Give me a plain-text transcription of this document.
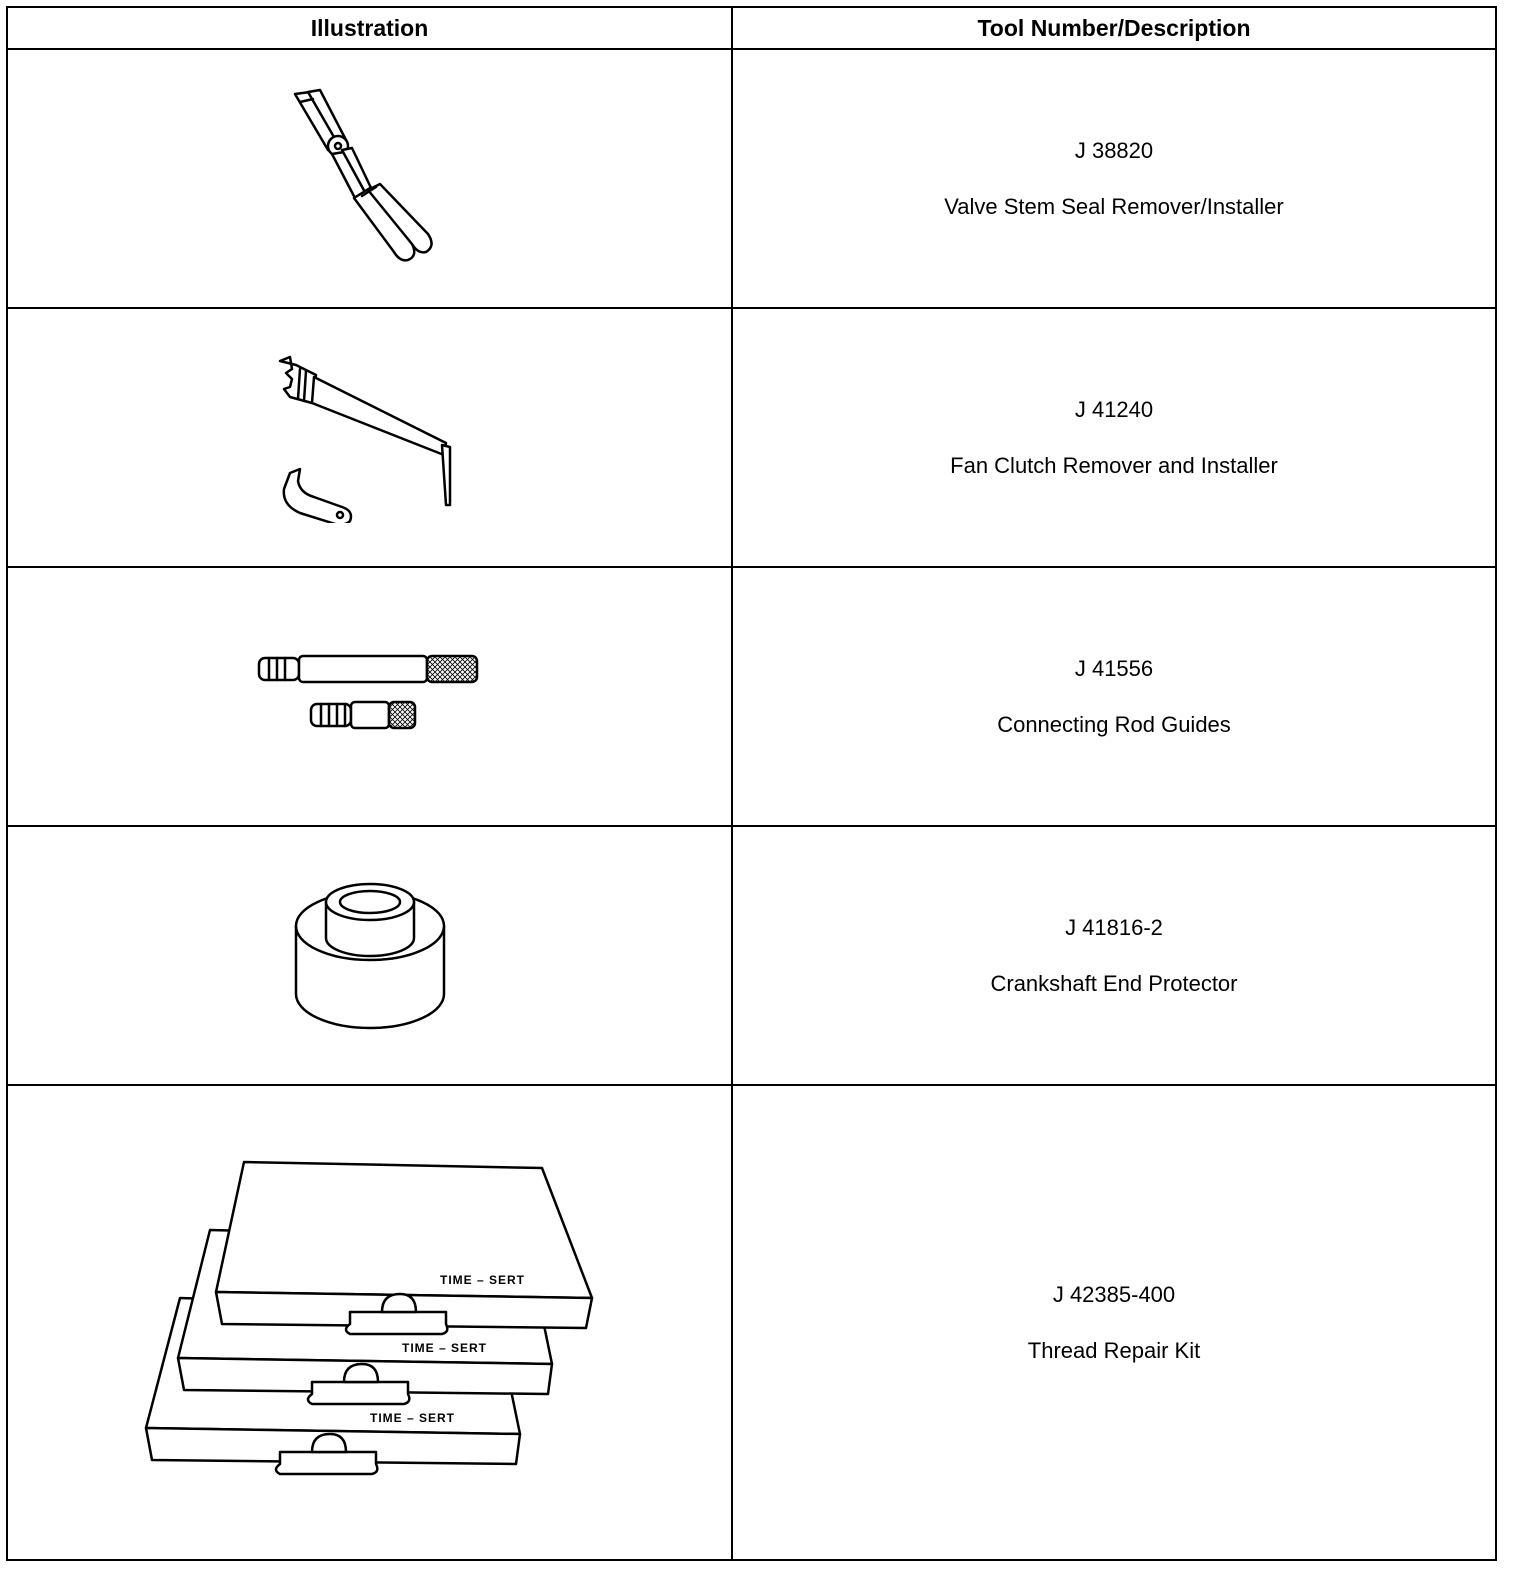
Illustration	Tool Number/Description

J 38820
Valve Stem Seal Remover/Installer

J 41240
Fan Clutch Remover and Installer

J 41556
Connecting Rod Guides

J 41816-2
Crankshaft End Protector

TIME – SERT
TIME – SERT
TIME – SERT	J 42385-400
Thread Repair Kit
